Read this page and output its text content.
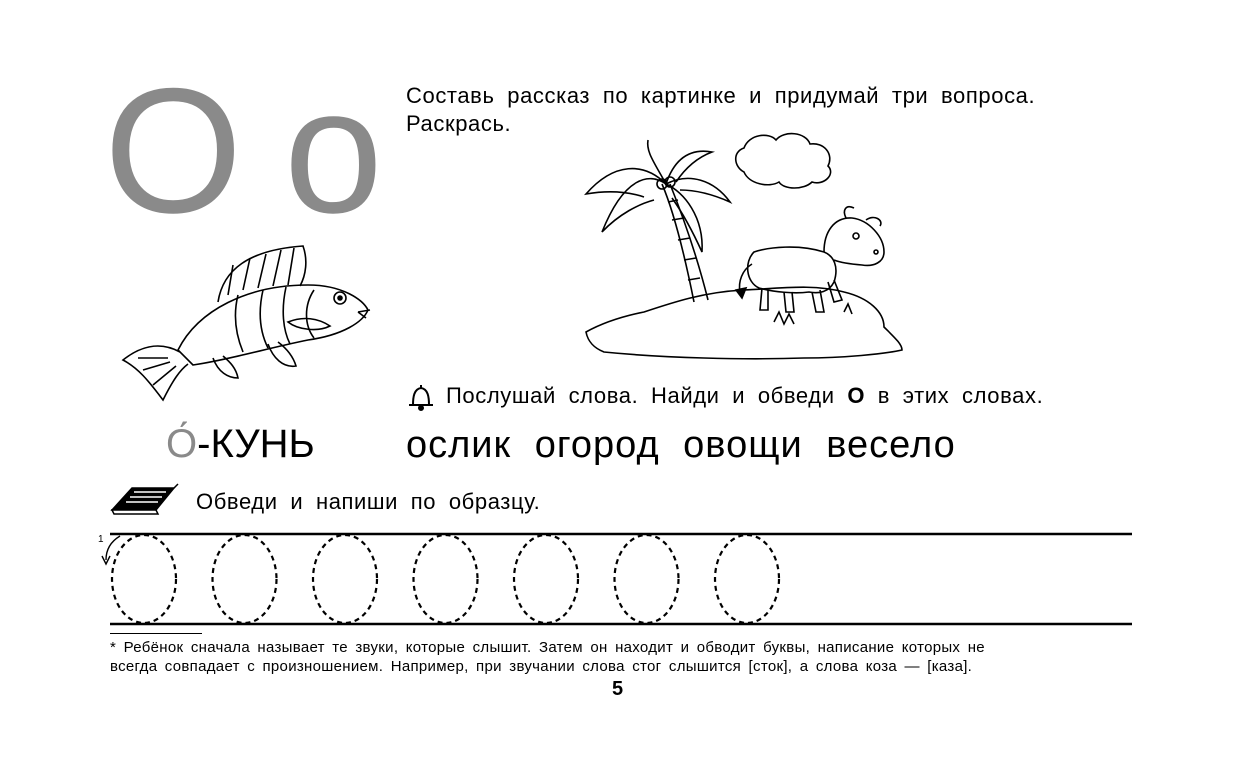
О о Составь рассказ по картинке и придумай три вопроса.
Раскрась.
О́-КУНЬ
Послушай слова. Найди и обведи О в этих словах.
ослик огород овощи весело
Обведи и напиши по образцу.
1
* Ребёнок сначала называет те звуки, которые слышит. Затем он находит и обводит буквы, написание которых не
всегда совпадает с произношением. Например, при звучании слова стог слышится [сток], а слова коза — [каза].
5
